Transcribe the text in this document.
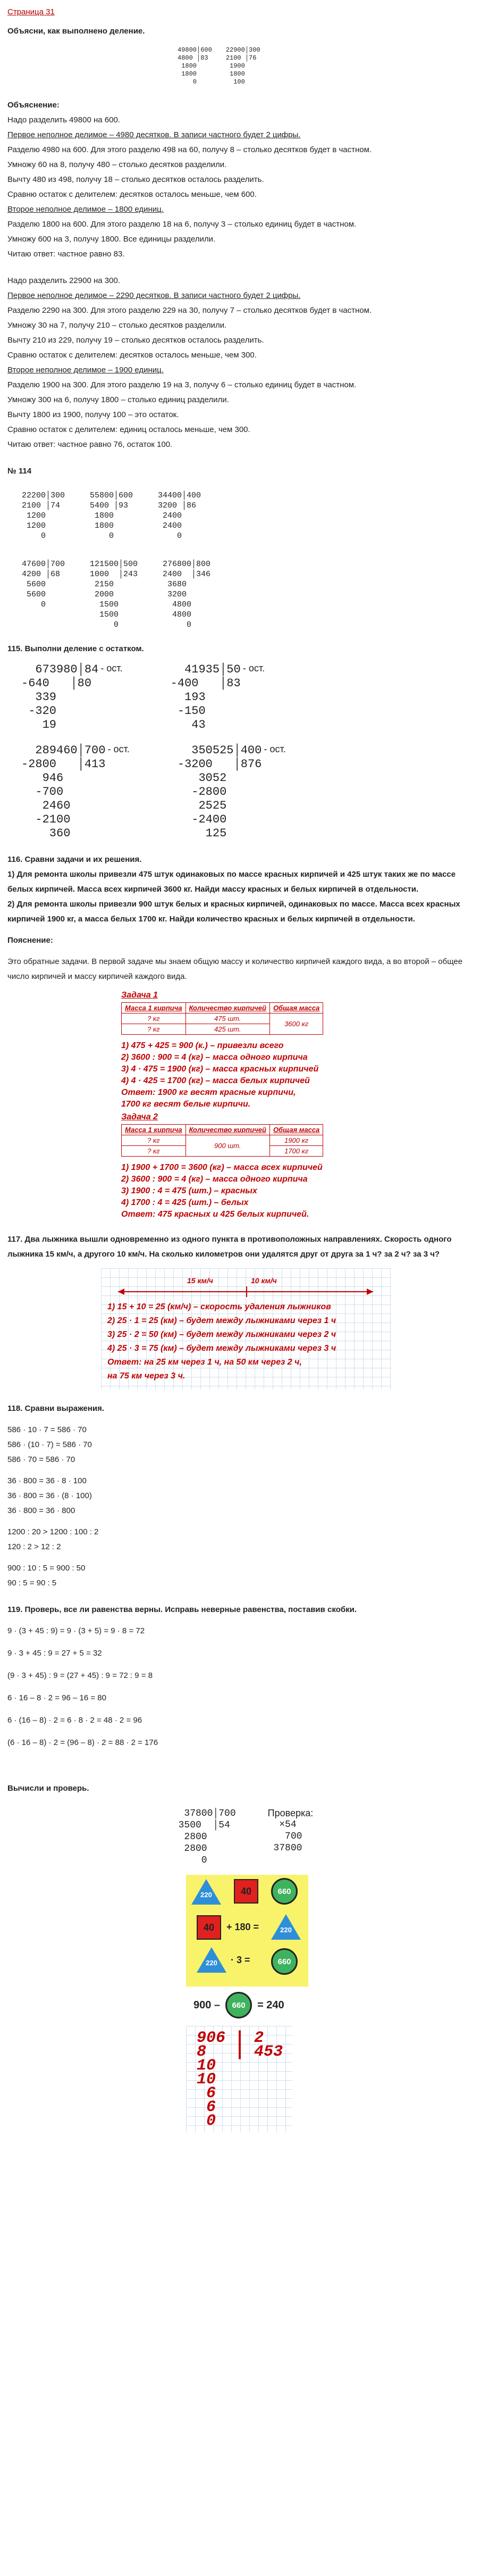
Страница 31

Объясни, как выполнено деление.

49800│600
4800 │83
1800
1800
0
22900│300
2100 │76
1900
1800
100

Объяснение:

Надо разделить 49800 на 600.

Первое неполное делимое – 4980 десятков. В записи частного будет 2 цифры.

Разделю 4980 на 600. Для этого разделю 498 на 60, получу 8 – столько десятков будет в частном.

Умножу 60 на 8, получу 480 – столько десятков разделили.

Вычту 480 из 498, получу 18 – столько десятков осталось разделить.

Сравню остаток с делителем: десятков осталось меньше, чем 600.

Второе неполное делимое – 1800 единиц.

Разделю 1800 на 600. Для этого разделю 18 на 6, получу 3 – столько единиц будет в частном.

Умножу 600 на 3, получу 1800. Все единицы разделили.

Читаю ответ: частное равно 83.

Надо разделить 22900 на 300.

Первое неполное делимое – 2290 десятков. В записи частного будет 2 цифры.

Разделю 2290 на 300. Для этого разделю 229 на 30, получу 7 – столько десятков будет в частном.

Умножу 30 на 7, получу 210 – столько десятков разделили.

Вычту 210 из 229, получу 19 – столько десятков осталось разделить.

Сравню остаток с делителем: десятков осталось меньше, чем 300.

Второе неполное делимое – 1900 единиц.

Разделю 1900 на 300. Для этого разделю 19 на 3, получу 6 – столько единиц будет в частном.

Умножу 300 на 6, получу 1800 – столько единиц разделили.

Вычту 1800 из 1900, получу 100 – это остаток.

Сравню остаток с делителем: единиц осталось меньше, чем 300.

Читаю ответ: частное равно 76, остаток 100.

№ 114

22200│300
2100 │74
1200
1200
0
55800│600
5400 │93
1800
1800
0
34400│400
3200 │86
2400
2400
0
47600│700
4200 │68
5600
5600
0
121500│500
1000  │243
2150
2000
1500
1500
0
276800│800
2400  │346
3680
3200
4800
4800
0

115. Выполни деление с остатком.

673980│84
-640   │80
339
-320
19 - ост.	41935│50
-400   │83
193
-150
43 - ост.
289460│700
-2800   │413
946
-700
2460
-2100
360 - ост.	350525│400
-3200   │876
3052
-2800
2525
-2400
125 - ост.

116. Сравни задачи и их решения.

1) Для ремонта школы привезли 475 штук одинаковых по массе красных кирпичей и 425 штук таких же по массе белых кирпичей. Масса всех кирпичей 3600 кг. Найди массу красных и белых кирпичей в отдельности.

2) Для ремонта школы привезли 900 штук белых и красных кирпичей, одинаковых по массе. Масса всех красных кирпичей 1900 кг, а масса белых 1700 кг. Найди количество красных и белых кирпичей в отдельности.

Пояснение:

Это обратные задачи. В первой задаче мы знаем общую массу и количество кирпичей каждого вида, а во второй – общее число кирпичей и массу кирпичей каждого вида.

Задача 1
Масса 1 кирпича	Количество кирпичей	Общая масса
? кг	475 шт.	3600 кг
? кг	425 шт.	
1) 475 + 425 = 900 (к.) – привезли всего
2) 3600 : 900 = 4 (кг) – масса одного кирпича
3) 4 · 475 = 1900 (кг) – масса красных кирпичей
4) 4 · 425 = 1700 (кг) – масса белых кирпичей
Ответ: 1900 кг весят красные кирпичи,
1700 кг весят белые кирпичи.
Задача 2
Масса 1 кирпича	Количество кирпичей	Общая масса
? кг	900 шт.	1900 кг
? кг		1700 кг
1) 1900 + 1700 = 3600 (кг) – масса всех кирпичей
2) 3600 : 900 = 4 (кг) – масса одного кирпича
3) 1900 : 4 = 475 (шт.) – красных
4) 1700 : 4 = 425 (шт.) – белых
Ответ: 475 красных и 425 белых кирпичей.

117. Два лыжника вышли одновременно из одного пункта в противоположных направлениях. Скорость одного лыжника 15 км/ч, а другого 10 км/ч. На сколько километров они удалятся друг от друга за 1 ч? за 2 ч? за 3 ч?

15 км/ч	10 км/ч
1) 15 + 10 = 25 (км/ч) – скорость удаления лыжников
2) 25 · 1 = 25 (км) – будет между лыжниками через 1 ч
3) 25 · 2 = 50 (км) – будет между лыжниками через 2 ч
4) 25 · 3 = 75 (км) – будет между лыжниками через 3 ч
Ответ: на 25 км через 1 ч, на 50 км через 2 ч,
на 75 км через 3 ч.

118. Сравни выражения.

586 · 10 · 7 = 586 · 70

586 · (10 · 7) = 586 · 70

586 · 70 = 586 · 70

36 · 800 = 36 · 8 · 100

36 · 800 = 36 · (8 · 100)

36 · 800 = 36 · 800

1200 : 20 > 1200 : 100 : 2

120 : 2 > 12 : 2

900 : 10 : 5 = 900 : 50

90 : 5 = 90 : 5

119. Проверь, все ли равенства верны. Исправь неверные равенства, поставив скобки.

9 · (3 + 45 : 9) = 9 · (3 + 5) = 9 · 8 = 72

9 · 3 + 45 : 9 = 27 + 5 = 32

(9 · 3 + 45) : 9 = (27 + 45) : 9 = 72 : 9 = 8

6 · 16 – 8 · 2 = 96 – 16 = 80

6 · (16 – 8) · 2 = 6 · 8 · 2 = 48 · 2 = 96

(6 · 16 – 8) · 2 = (96 – 8) · 2 = 88 · 2 = 176

Вычисли и проверь.

37800│700
3500  │54
2800
2800
0
Проверка:
×54
700
37800
220	40	660
40	+ 180 =	220
220	· 3 =	660
900 –	660	= 240
906 | 2
8   | 453
10
10
6
6
0
